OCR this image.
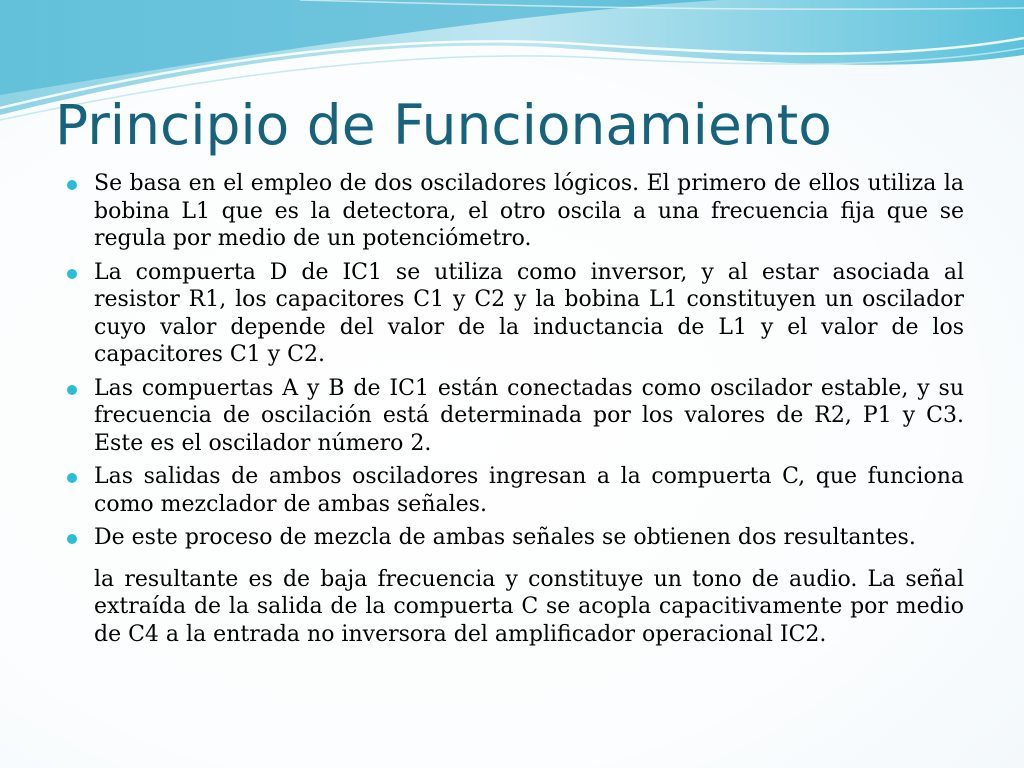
Principio de Funcionamiento
Se basa en el empleo de dos osciladores lógicos. El primero de ellos utiliza la bobina L1 que es la detectora, el otro oscila a una frecuencia fija que se regula por medio de un potenciómetro.
La compuerta D de IC1 se utiliza como inversor, y al estar asociada al resistor R1, los capacitores C1 y C2 y la bobina L1 constituyen un oscilador cuyo valor depende del valor de la inductancia de L1 y el valor de los capacitores C1 y C2.
Las compuertas A y B de IC1 están conectadas como oscilador estable, y su frecuencia de oscilación está determinada por los valores de R2, P1 y C3. Este es el oscilador número 2.
Las salidas de ambos osciladores ingresan a la compuerta C, que funciona como mezclador de ambas señales.
De este proceso de mezcla de ambas señales se obtienen dos resultantes.
la resultante es de baja frecuencia y constituye un tono de audio. La señal extraída de la salida de la compuerta C se acopla capacitivamente por medio de C4 a la entrada no inversora del amplificador operacional IC2.
